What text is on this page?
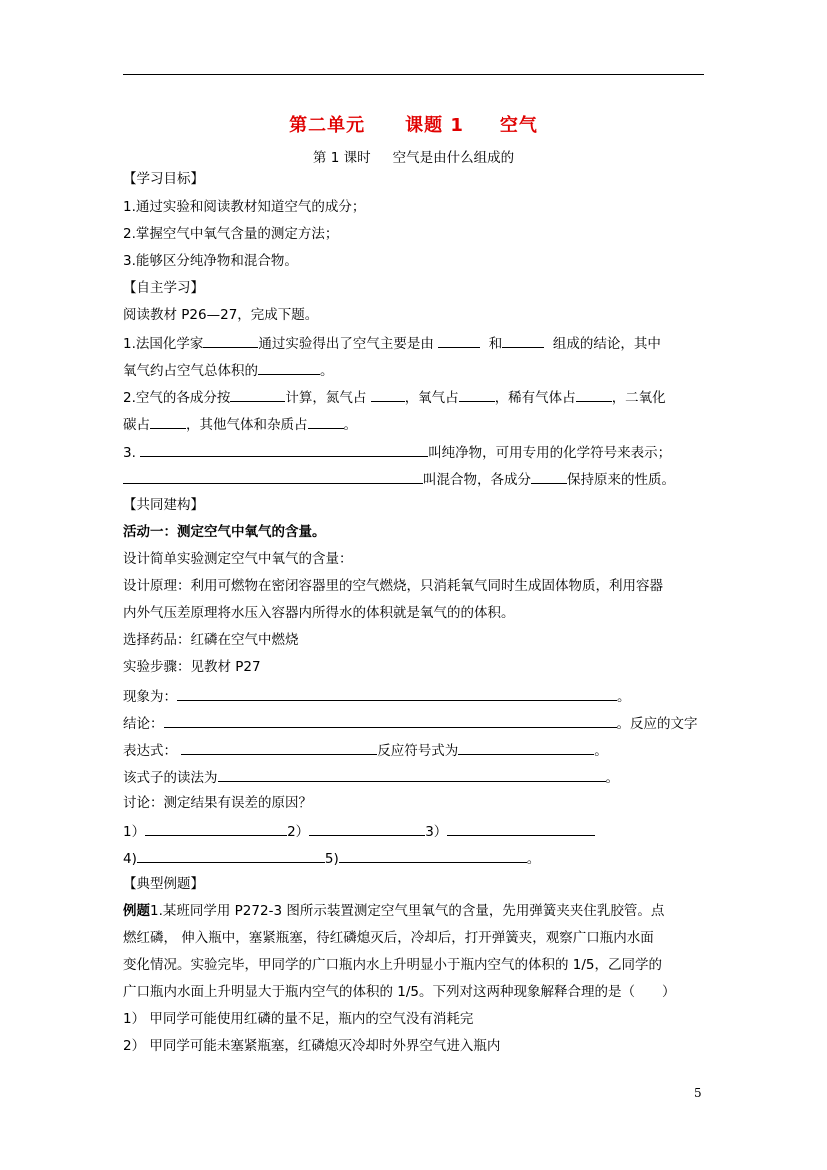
第二单元 课题 1 空气
第 1 课时 空气是由什么组成的
【学习目标】
1.通过实验和阅读教材知道空气的成分；
2.掌握空气中氧气含量的测定方法；
3.能够区分纯净物和混合物。
【自主学习】
阅读教材 P26—27，完成下题。
1.法国化学家	通过实验得出了空气主要是由	和	组成的结论，其中
氧气约占空气总体积的	。
2.空气的各成分按	计算，氮气占	，氧气占	，稀有气体占	，二氧化
碳占	，其他气体和杂质占	。
3.	叫纯净物，可用专用的化学符号来表示；
叫混合物，各成分	保持原来的性质。
【共同建构】
活动一：测定空气中氧气的含量。
设计简单实验测定空气中氧气的含量：
设计原理：利用可燃物在密闭容器里的空气燃烧，只消耗氧气同时生成固体物质，利用容器
内外气压差原理将水压入容器内所得水的体积就是氧气的的体积。
选择药品：红磷在空气中燃烧
实验步骤：见教材 P27
现象为：	。
结论：	。反应的文字
表达式：	反应符号式为	。
该式子的读法为	。
讨论：测定结果有误差的原因？
1）	2）	3）
4)	5)	。
【典型例题】
例题1.某班同学用 P272-3 图所示装置测定空气里氧气的含量，先用弹簧夹夹住乳胶管。点
燃红磷， 伸入瓶中，塞紧瓶塞，待红磷熄灭后，冷却后，打开弹簧夹，观察广口瓶内水面
变化情况。实验完毕，甲同学的广口瓶内水上升明显小于瓶内空气的体积的 1/5，乙同学的
广口瓶内水面上升明显大于瓶内空气的体积的 1/5。下列对这两种现象解释合理的是（　　）
1） 甲同学可能使用红磷的量不足，瓶内的空气没有消耗完
2） 甲同学可能未塞紧瓶塞，红磷熄灭冷却时外界空气进入瓶内
5
